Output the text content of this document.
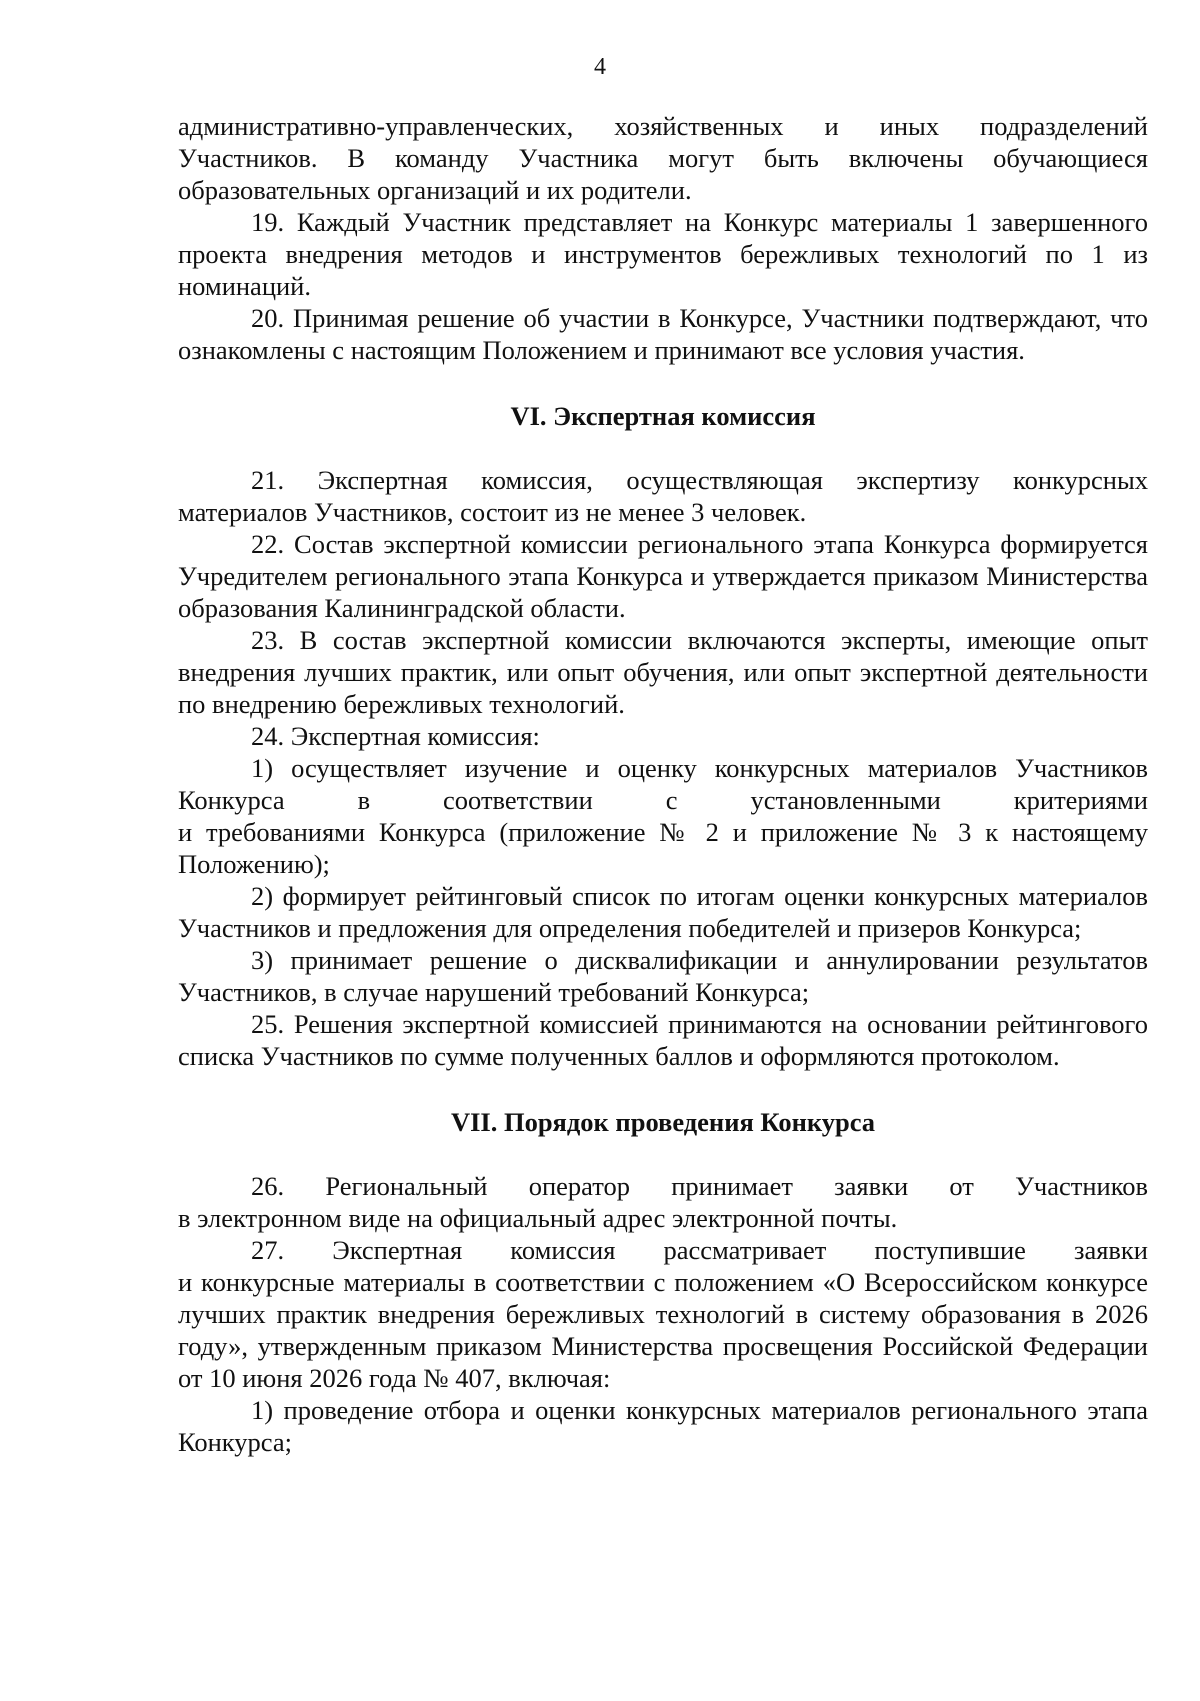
4

административно-управленческих, хозяйственных и иных подразделений Участников. В команду Участника могут быть включены обучающиеся образовательных организаций и их родители.

19. Каждый Участник представляет на Конкурс материалы 1 завершенного проекта внедрения методов и инструментов бережливых технологий по 1 из номинаций.

20. Принимая решение об участии в Конкурсе, Участники подтверждают, что ознакомлены с настоящим Положением и принимают все условия участия.

VI. Экспертная комиссия

21. Экспертная комиссия, осуществляющая экспертизу конкурсных материалов Участников, состоит из не менее 3 человек.

22. Состав экспертной комиссии регионального этапа Конкурса формируется Учредителем регионального этапа Конкурса и утверждается приказом Министерства образования Калининградской области.

23. В состав экспертной комиссии включаются эксперты, имеющие опыт внедрения лучших практик, или опыт обучения, или опыт экспертной деятельности по внедрению бережливых технологий.

24. Экспертная комиссия:

1) осуществляет изучение и оценку конкурсных материалов Участников Конкурса в соответствии с установленными критериями

и требованиями Конкурса (приложение № 2 и приложение № 3 к настоящему Положению);

2) формирует рейтинговый список по итогам оценки конкурсных материалов Участников и предложения для определения победителей и призеров Конкурса;

3) принимает решение о дисквалификации и аннулировании результатов Участников, в случае нарушений требований Конкурса;

25. Решения экспертной комиссией принимаются на основании рейтингового списка Участников по сумме полученных баллов и оформляются протоколом.

VII. Порядок проведения Конкурса

26. Региональный оператор принимает заявки от Участников

в электронном виде на официальный адрес электронной почты.

27. Экспертная комиссия рассматривает поступившие заявки

и конкурсные материалы в соответствии с положением «О Всероссийском конкурсе лучших практик внедрения бережливых технологий в систему образования в 2026 году», утвержденным приказом Министерства просвещения Российской Федерации от 10 июня 2026 года № 407, включая:

1) проведение отбора и оценки конкурсных материалов регионального этапа Конкурса;
